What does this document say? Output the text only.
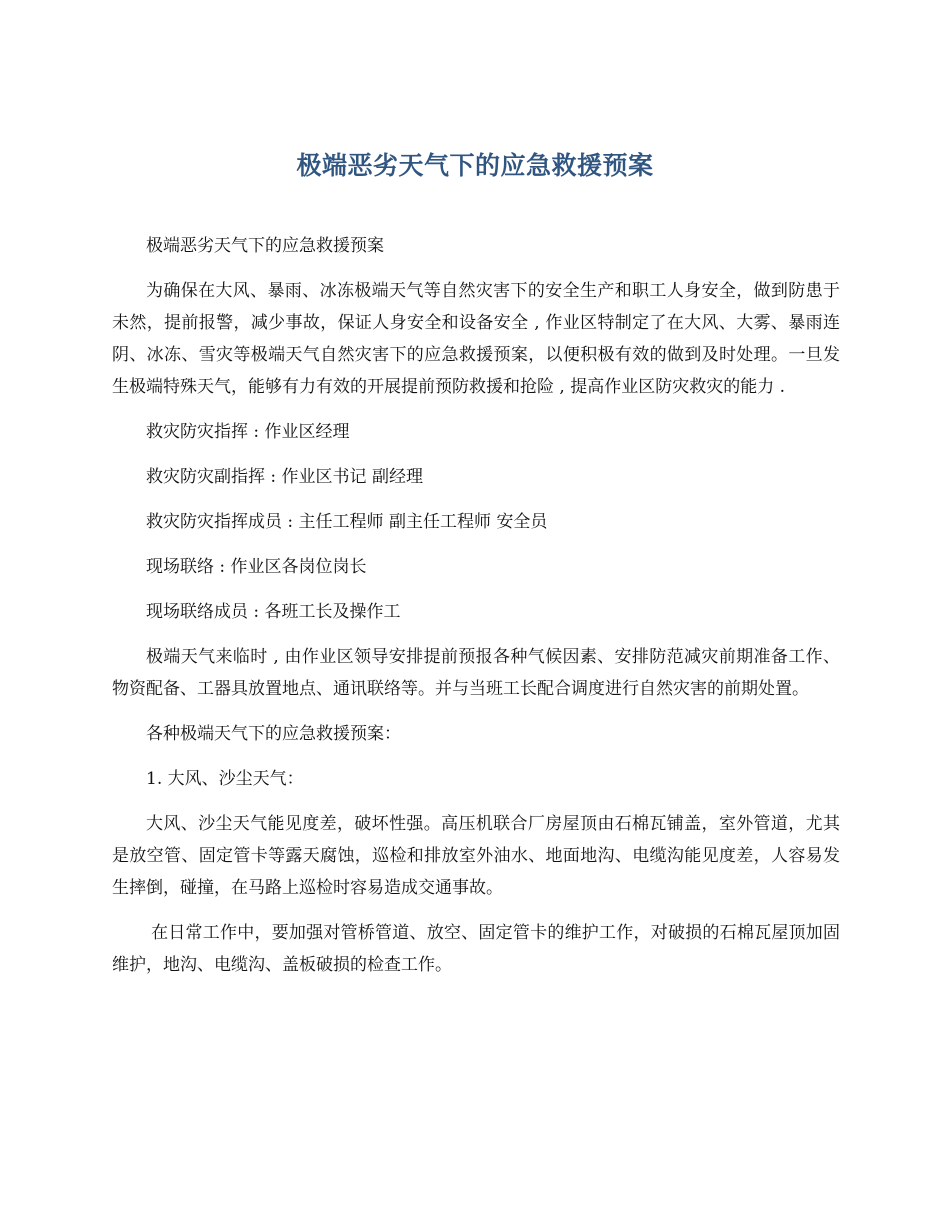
极端恶劣天气下的应急救援预案

极端恶劣天气下的应急救援预案

为确保在大风、暴雨、冰冻极端天气等自然灾害下的安全生产和职工人身安全，做到防患于未然，提前报警，减少事故，保证人身安全和设备安全 , 作业区特制定了在大风、大雾、暴雨连阴、冰冻、雪灾等极端天气自然灾害下的应急救援预案，以便积极有效的做到及时处理。一旦发生极端特殊天气，能够有力有效的开展提前预防救援和抢险 , 提高作业区防灾救灾的能力 .

救灾防灾指挥 : 作业区经理

救灾防灾副指挥 : 作业区书记 副经理

救灾防灾指挥成员 : 主任工程师 副主任工程师 安全员

现场联络 : 作业区各岗位岗长

现场联络成员 : 各班工长及操作工

极端天气来临时 , 由作业区领导安排提前预报各种气候因素、安排防范减灾前期准备工作、物资配备、工器具放置地点、通讯联络等。并与当班工长配合调度进行自然灾害的前期处置。

各种极端天气下的应急救援预案：

1. 大风、沙尘天气：

大风、沙尘天气能见度差，破坏性强。高压机联合厂房屋顶由石棉瓦铺盖，室外管道，尤其是放空管、固定管卡等露天腐蚀，巡检和排放室外油水、地面地沟、电缆沟能见度差，人容易发生摔倒，碰撞，在马路上巡检时容易造成交通事故。

在日常工作中，要加强对管桥管道、放空、固定管卡的维护工作，对破损的石棉瓦屋顶加固维护，地沟、电缆沟、盖板破损的检查工作。
